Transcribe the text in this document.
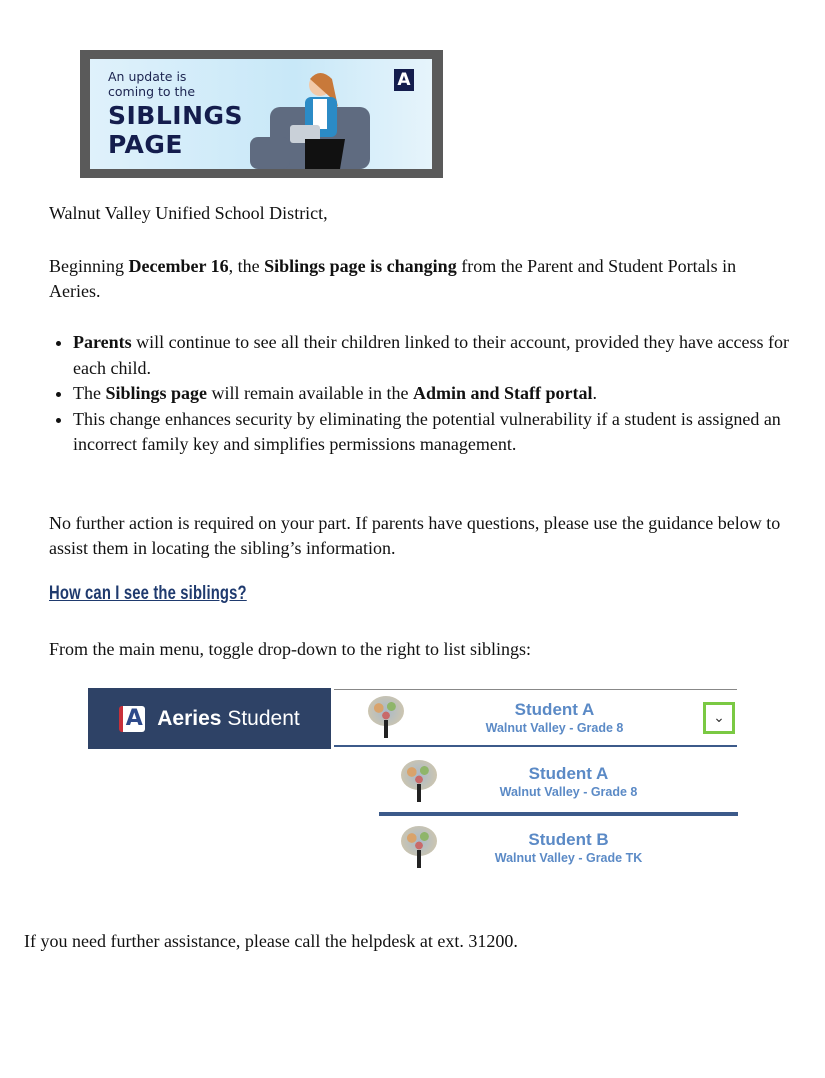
An update is
coming to the
SIBLINGS
PAGE
A
Walnut Valley Unified School District,
Beginning December 16, the Siblings page is changing from the Parent and Student Portals in Aeries.
• Parents will continue to see all their children linked to their account, provided they have access for each child.
• The Siblings page will remain available in the Admin and Staff portal.
• This change enhances security by eliminating the potential vulnerability if a student is assigned an incorrect family key and simplifies permissions management.
No further action is required on your part. If parents have questions, please use the guidance below to assist them in locating the sibling’s information.
How can I see the siblings?
From the main menu, toggle drop-down to the right to list siblings:
A Aeries Student	Student A
Walnut Valley - Grade 8
⌄
Student A
Walnut Valley - Grade 8
Student B
Walnut Valley - Grade TK
If you need further assistance, please call the helpdesk at ext. 31200.
